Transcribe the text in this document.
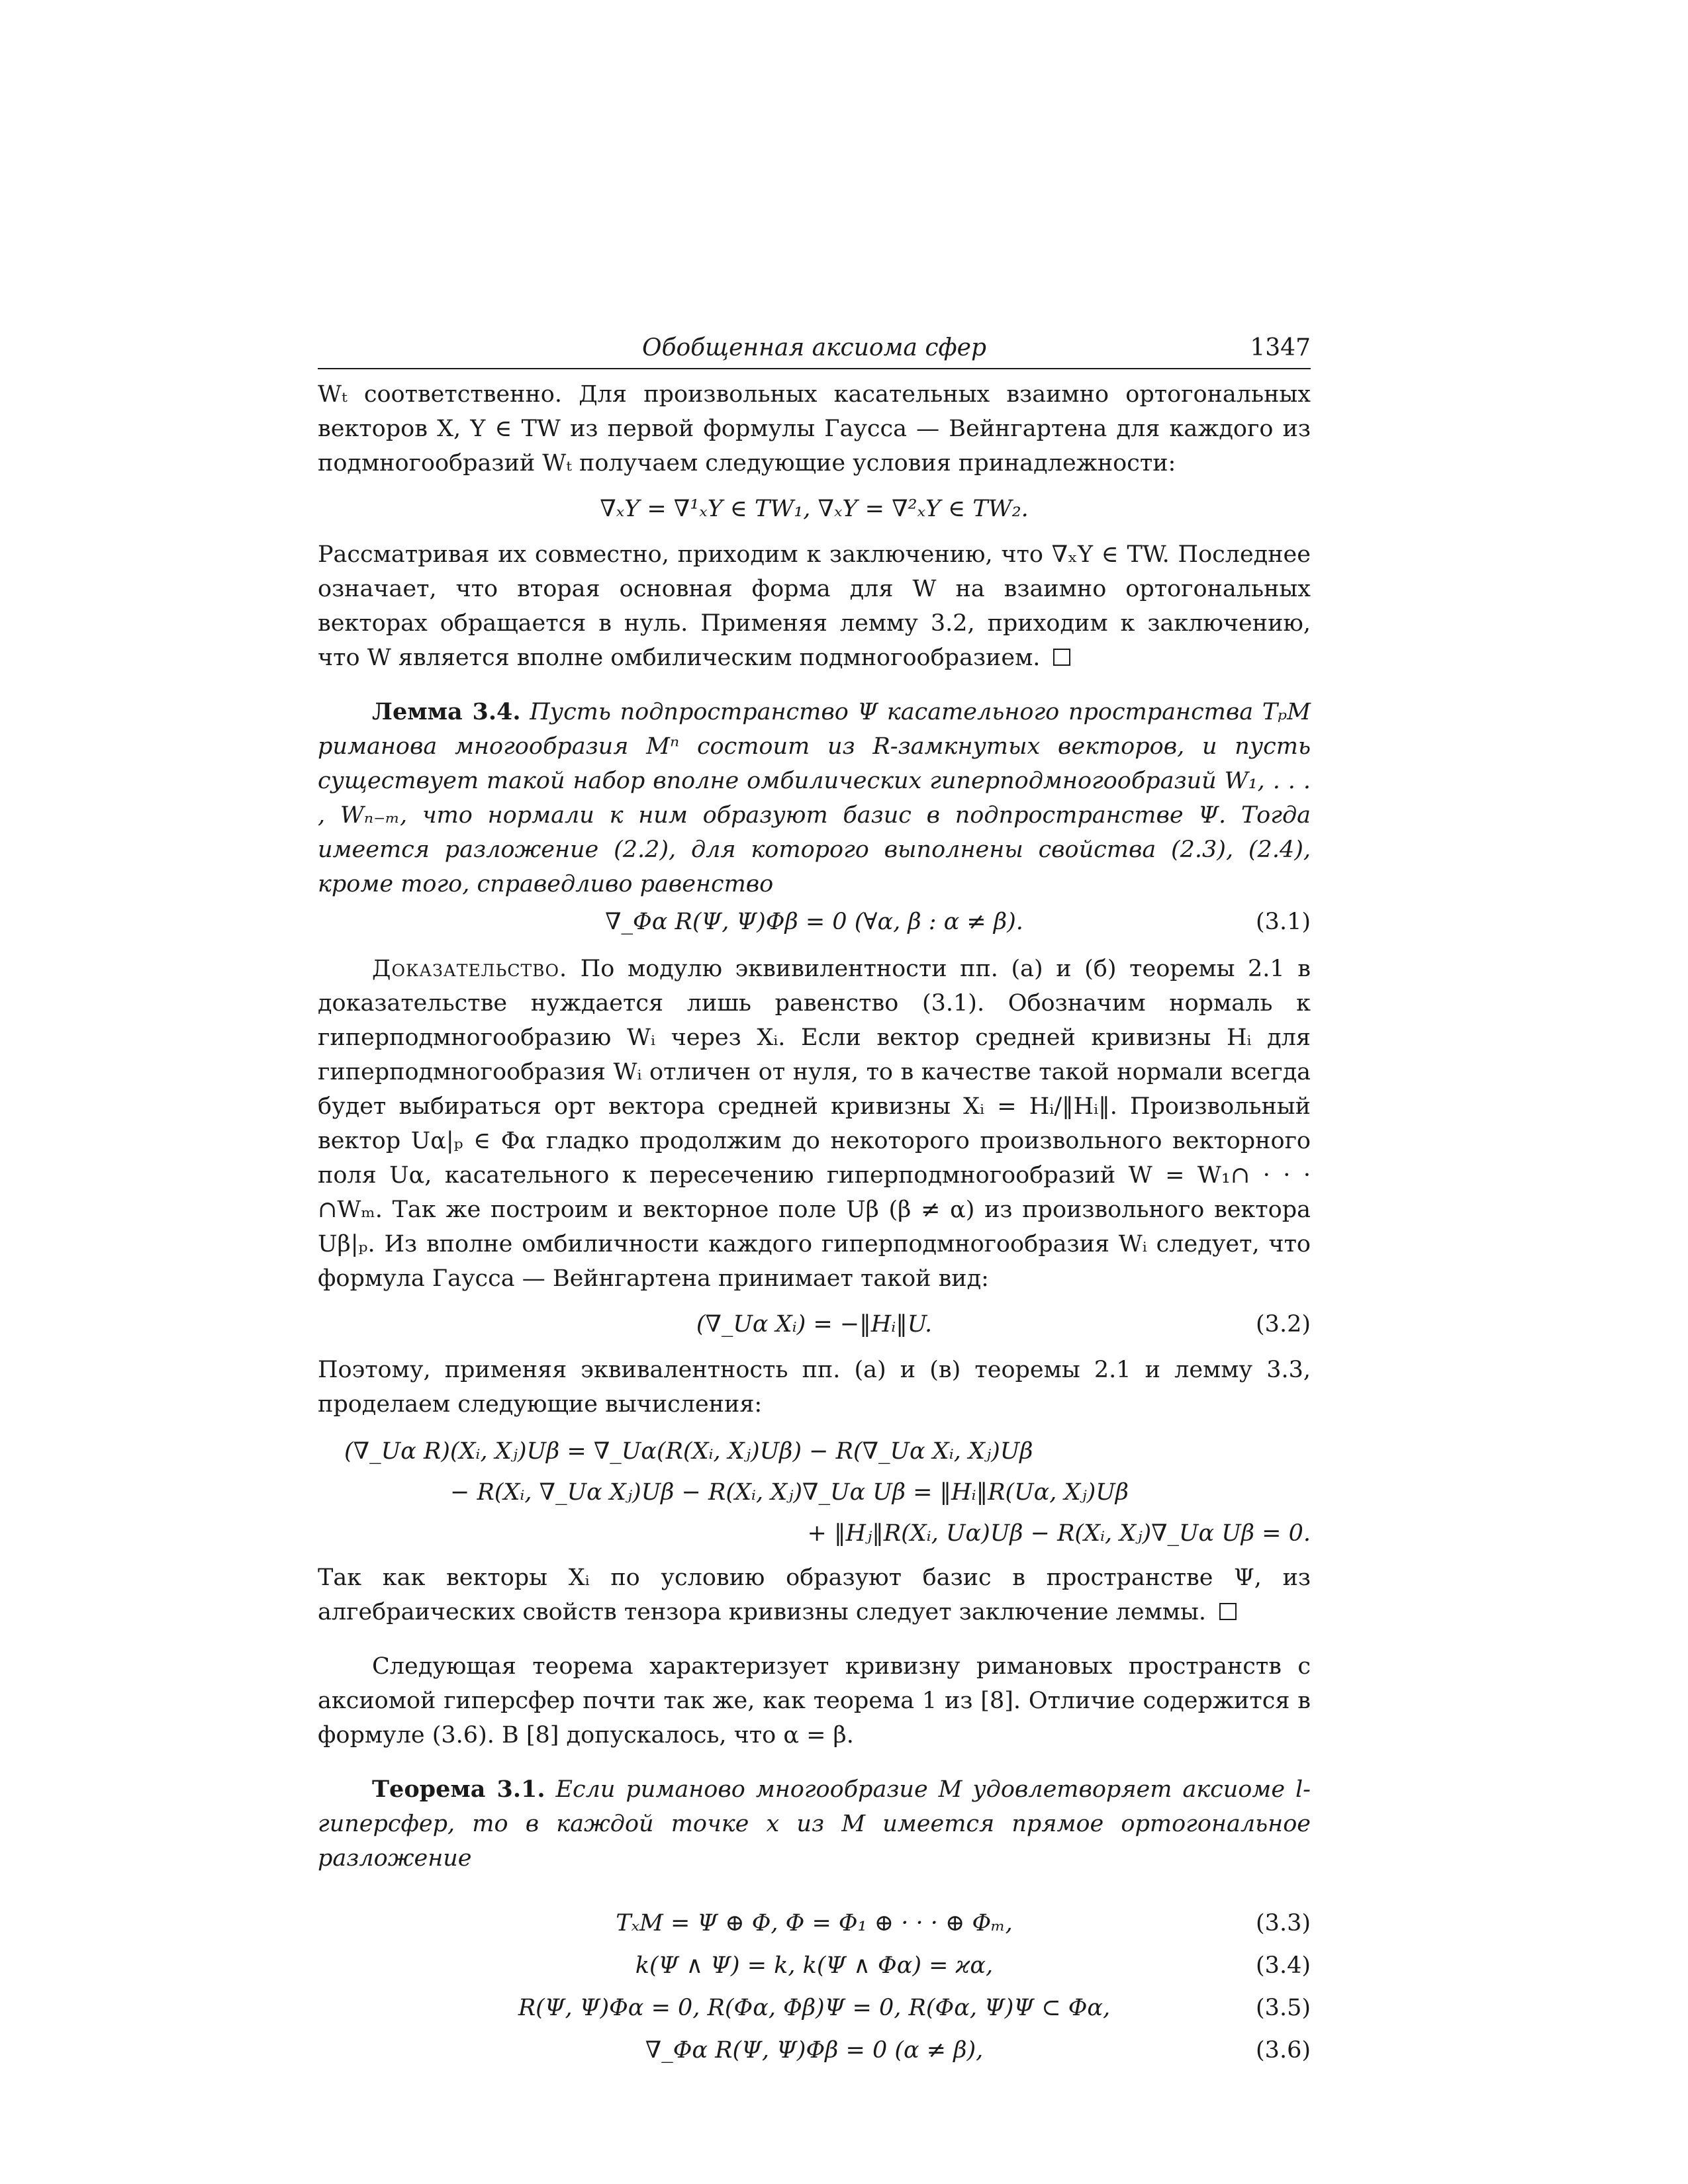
Обобщенная аксиома сфер	1347

Wₜ соответственно. Для произвольных касательных взаимно ортогональных векторов X, Y ∈ TW из первой формулы Гаусса — Вейнгартена для каждого из подмногообразий Wₜ получаем следующие условия принадлежности:

∇ₓY = ∇¹ₓY ∈ TW₁, ∇ₓY = ∇²ₓY ∈ TW₂.

Рассматривая их совместно, приходим к заключению, что ∇ₓY ∈ TW. Последнее означает, что вторая основная форма для W на взаимно ортогональных векторах обращается в нуль. Применяя лемму 3.2, приходим к заключению, что W является вполне омбилическим подмногообразием.

Лемма 3.4. Пусть подпространство Ψ касательного пространства TₚM риманова многообразия Mⁿ состоит из R-замкнутых векторов, и пусть существует такой набор вполне омбилических гиперподмногообразий W₁, . . . , Wₙ₋ₘ, что нормали к ним образуют базис в подпространстве Ψ. Тогда имеется разложение (2.2), для которого выполнены свойства (2.3), (2.4), кроме того, справедливо равенство

∇_Φα R(Ψ, Ψ)Φβ = 0 (∀α, β : α ≠ β).	(3.1)

Доказательство. По модулю эквивилентности пп. (а) и (б) теоремы 2.1 в доказательстве нуждается лишь равенство (3.1). Обозначим нормаль к гиперподмногообразию Wᵢ через Xᵢ. Если вектор средней кривизны Hᵢ для гиперподмногообразия Wᵢ отличен от нуля, то в качестве такой нормали всегда будет выбираться орт вектора средней кривизны Xᵢ = Hᵢ/‖Hᵢ‖. Произвольный вектор Uα|ₚ ∈ Φα гладко продолжим до некоторого произвольного векторного поля Uα, касательного к пересечению гиперподмногообразий W = W₁∩ · · · ∩Wₘ. Так же построим и векторное поле Uβ (β ≠ α) из произвольного вектора Uβ|ₚ. Из вполне омбиличности каждого гиперподмногообразия Wᵢ следует, что формула Гаусса — Вейнгартена принимает такой вид:

(∇_Uα Xᵢ) = −‖Hᵢ‖U.	(3.2)

Поэтому, применяя эквивалентность пп. (а) и (в) теоремы 2.1 и лемму 3.3, проделаем следующие вычисления:

(∇_Uα R)(Xᵢ, Xⱼ)Uβ = ∇_Uα(R(Xᵢ, Xⱼ)Uβ) − R(∇_Uα Xᵢ, Xⱼ)Uβ
− R(Xᵢ, ∇_Uα Xⱼ)Uβ − R(Xᵢ, Xⱼ)∇_Uα Uβ = ‖Hᵢ‖R(Uα, Xⱼ)Uβ
+ ‖Hⱼ‖R(Xᵢ, Uα)Uβ − R(Xᵢ, Xⱼ)∇_Uα Uβ = 0.

Так как векторы Xᵢ по условию образуют базис в пространстве Ψ, из алгебраических свойств тензора кривизны следует заключение леммы.

Следующая теорема характеризует кривизну римановых пространств с аксиомой гиперсфер почти так же, как теорема 1 из [8]. Отличие содержится в формуле (3.6). В [8] допускалось, что α = β.

Теорема 3.1. Если риманово многообразие M удовлетворяет аксиоме l-гиперсфер, то в каждой точке x из M имеется прямое ортогональное разложение

TₓM = Ψ ⊕ Φ, Φ = Φ₁ ⊕ · · · ⊕ Φₘ,	(3.3)
k(Ψ ∧ Ψ) = k, k(Ψ ∧ Φα) = ϰα,	(3.4)
R(Ψ, Ψ)Φα = 0, R(Φα, Φβ)Ψ = 0, R(Φα, Ψ)Ψ ⊂ Φα,	(3.5)
∇_Φα R(Ψ, Ψ)Φβ = 0 (α ≠ β),	(3.6)
